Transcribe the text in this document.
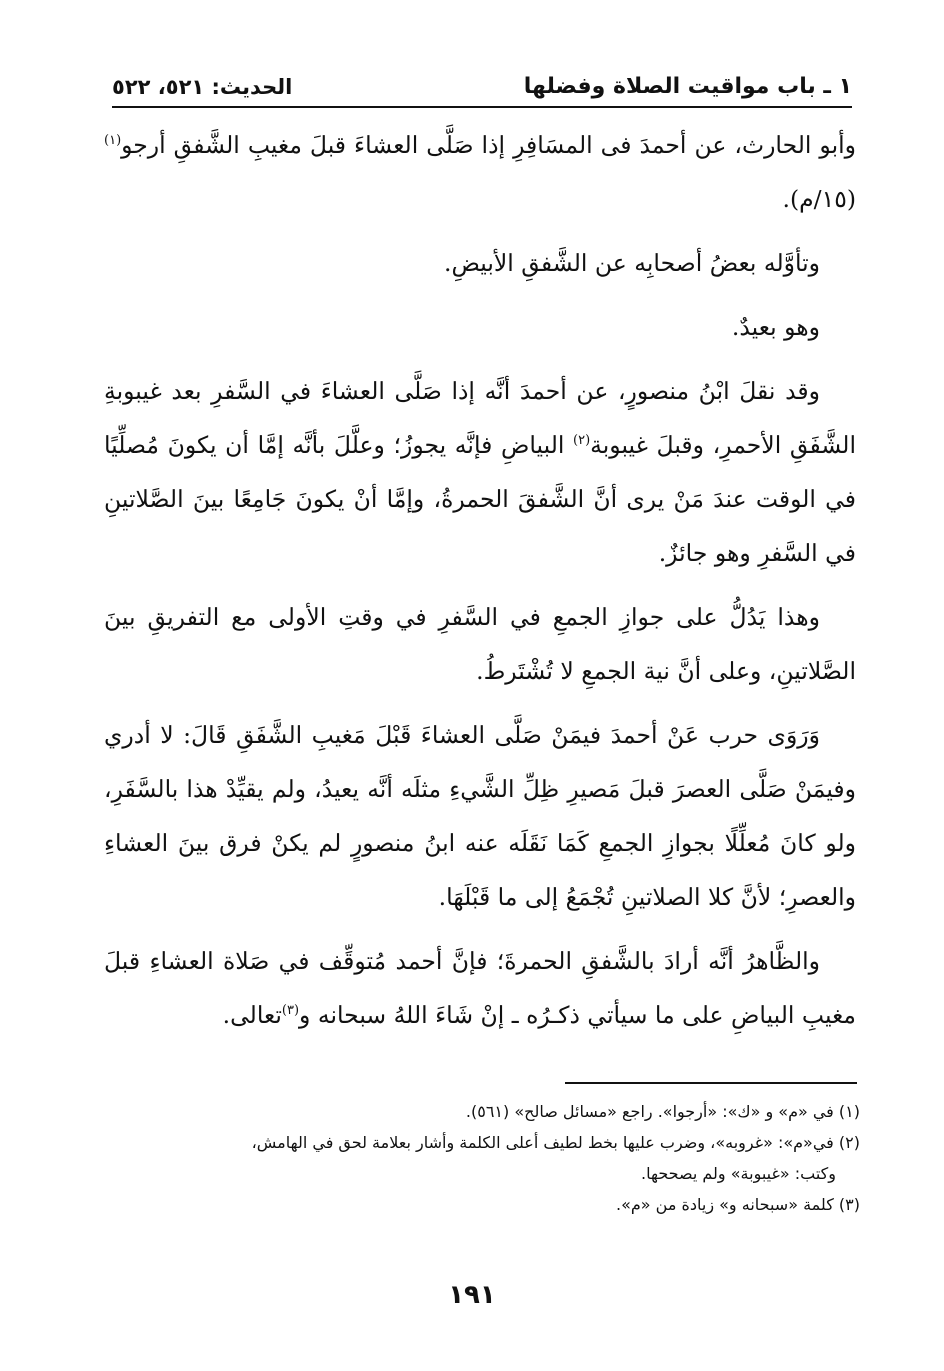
١ ـ باب مواقيت الصلاة وفضلها
الحديث: ٥٢١، ٥٢٢

وأبو الحارث، عن أحمدَ فى المسَافِرِ إذا صَلَّى العشاءَ قبلَ مغيبِ الشَّفقِ أرجو$^{(١)}$ (١٥/م).

وتأوَّله بعضُ أصحابِه عن الشَّفقِ الأبيضِ.

وهو بعيدٌ.

وقد نقلَ ابْنُ منصورٍ، عن أحمدَ أنَّه إذا صَلَّى العشاءَ في السَّفرِ بعد غيبوبةِ الشَّفَقِ الأحمرِ، وقبلَ غيبوبة$^{(٢)}$ البياضِ فإنَّه يجوزُ؛ وعلَّلَ بأنَّه إمَّا أن يكونَ مُصلِّيًا في الوقت عندَ مَنْ يرى أنَّ الشَّفقَ الحمرةُ، وإمَّا أنْ يكونَ جَامِعًا بينَ الصَّلاتينِ في السَّفرِ وهو جائزٌ.

وهذا يَدُلُّ على جوازِ الجمعِ في السَّفرِ في وقتِ الأولى مع التفريقِ بينَ الصَّلاتينِ، وعلى أنَّ نية الجمعِ لا تُشْتَرطُ.

وَرَوَى حرب عَنْ أحمدَ فيمَنْ صَلَّى العشاءَ قَبْلَ مَغيبِ الشَّفَقِ قَالَ: لا أدري وفيمَنْ صَلَّى العصرَ قبلَ مَصيرِ ظِلِّ الشَّيءِ مثلَه أنَّه يعيدُ، ولم يقيِّدْ هذا بالسَّفَرِ، ولو كانَ مُعلِّلًا بجوازِ الجمعِ كَمَا نَقَلَه عنه ابنُ منصورٍ لم يكنْ فرق بينَ العشاءِ والعصرِ؛ لأنَّ كلا الصلاتينِ تُجْمَعُ إلى ما قَبْلَهَا.

والظَّاهرُ أنَّه أرادَ بالشَّفقِ الحمرةَ؛ فإنَّ أحمد مُتوقِّف في صَلاة العشاءِ قبلَ مغيبِ البياضِ على ما سيأتي ذكـرُه ـ إنْ شَاءَ اللهُ سبحانه و$^{(٣)}$تعالى.

(١) في «م» و «ك»: «أرجوا». راجع «مسائل صالح» (٥٦١).

(٢) في«م»: «غروبه»، وضرب عليها بخط لطيف أعلى الكلمة وأشار بعلامة لحق في الهامش،

وكتب: «غيبوبة» ولم يصححها.

(٣) كلمة «سبحانه و» زيادة من «م».

١٩١
